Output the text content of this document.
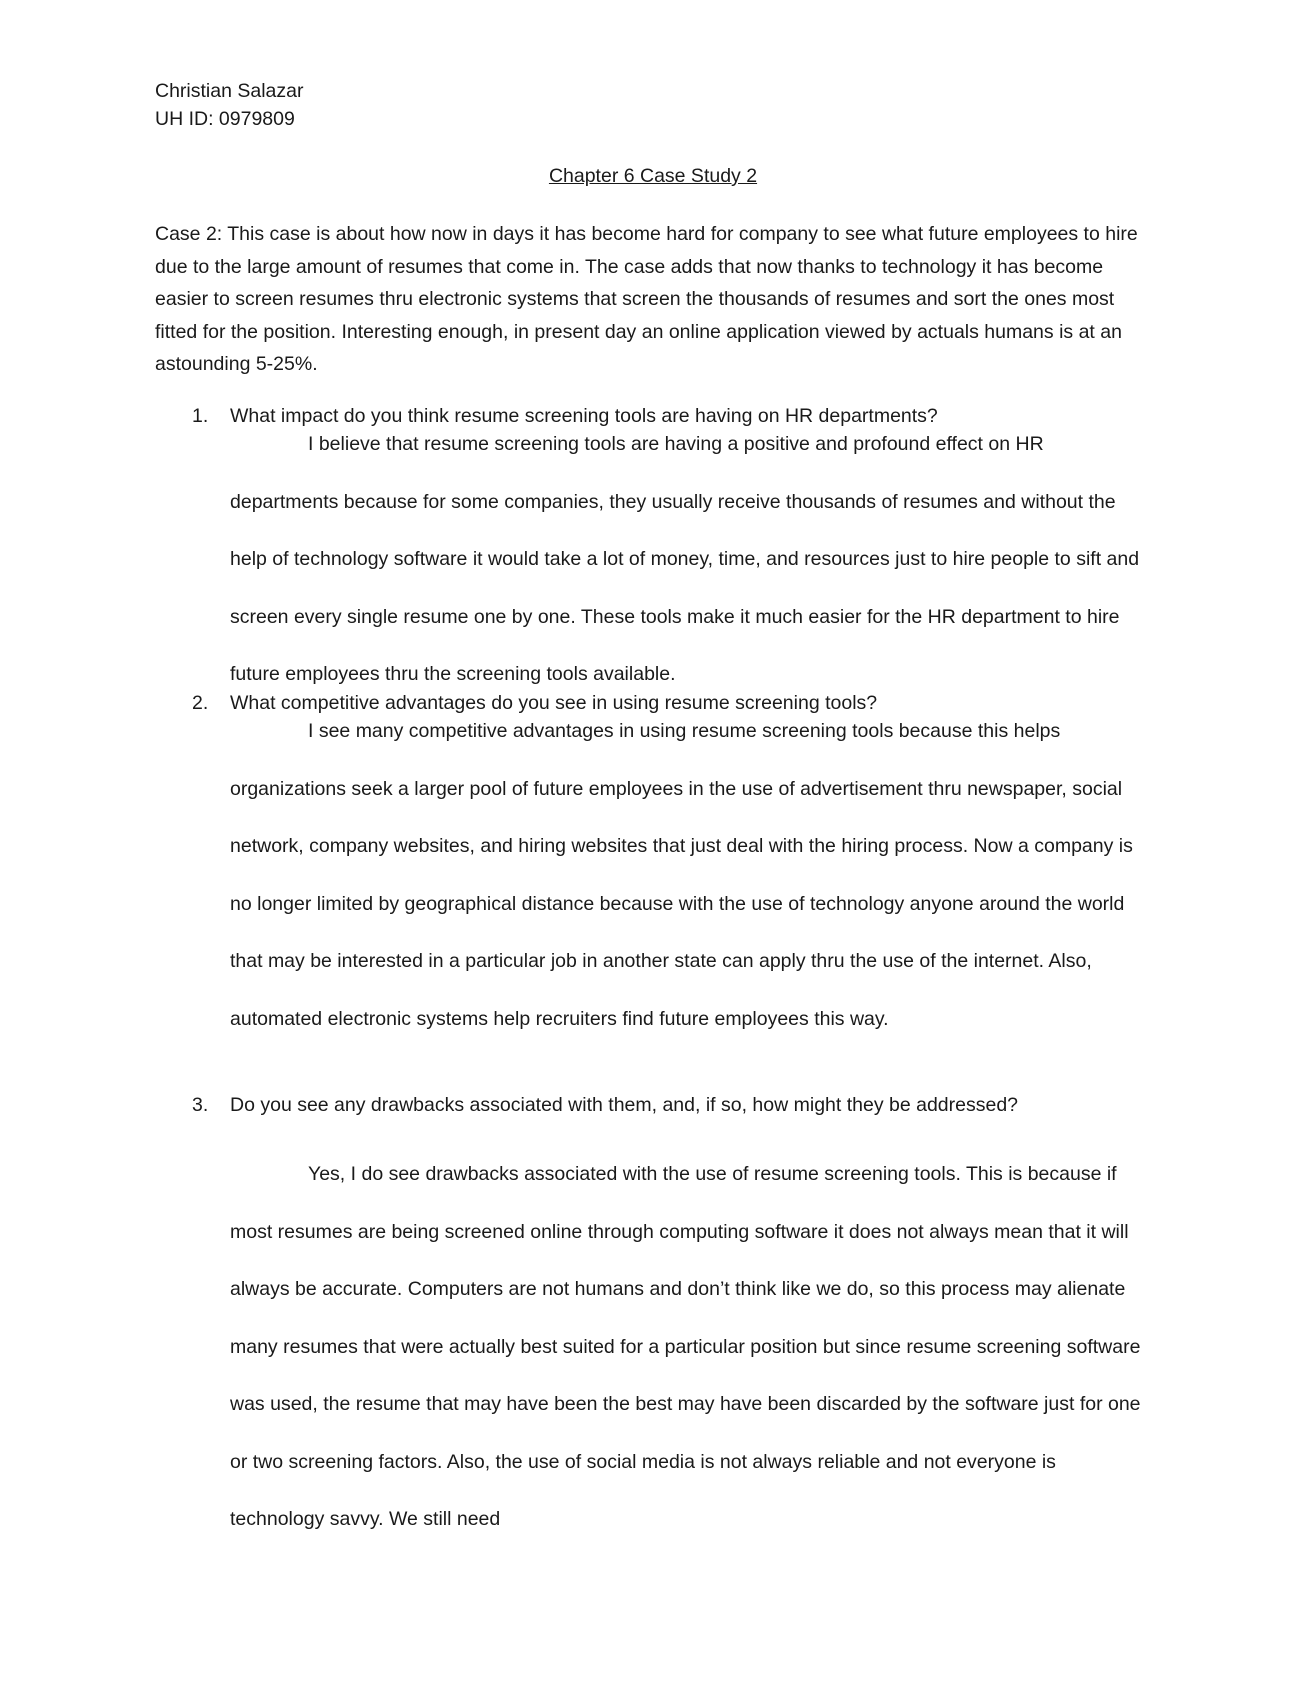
Christian Salazar
UH ID: 0979809
Chapter 6 Case Study 2
Case 2: This case is about how now in days it has become hard for company to see what future employees to hire due to the large amount of resumes that come in. The case adds that now thanks to technology it has become easier to screen resumes thru electronic systems that screen the thousands of resumes and sort the ones most fitted for the position. Interesting enough, in present day an online application viewed by actuals humans is at an astounding 5-25%.
1. What impact do you think resume screening tools are having on HR departments?

I believe that resume screening tools are having a positive and profound effect on HR departments because for some companies, they usually receive thousands of resumes and without the help of technology software it would take a lot of money, time, and resources just to hire people to sift and screen every single resume one by one. These tools make it much easier for the HR department to hire future employees thru the screening tools available.

2. What competitive advantages do you see in using resume screening tools?

I see many competitive advantages in using resume screening tools because this helps organizations seek a larger pool of future employees in the use of advertisement thru newspaper, social network, company websites, and hiring websites that just deal with the hiring process. Now a company is no longer limited by geographical distance because with the use of technology anyone around the world that may be interested in a particular job in another state can apply thru the use of the internet. Also, automated electronic systems help recruiters find future employees this way.

3. Do you see any drawbacks associated with them, and, if so, how might they be addressed?

Yes, I do see drawbacks associated with the use of resume screening tools. This is because if most resumes are being screened online through computing software it does not always mean that it will always be accurate. Computers are not humans and don’t think like we do, so this process may alienate many resumes that were actually best suited for a particular position but since resume screening software was used, the resume that may have been the best may have been discarded by the software just for one or two screening factors. Also, the use of social media is not always reliable and not everyone is technology savvy. We still need
